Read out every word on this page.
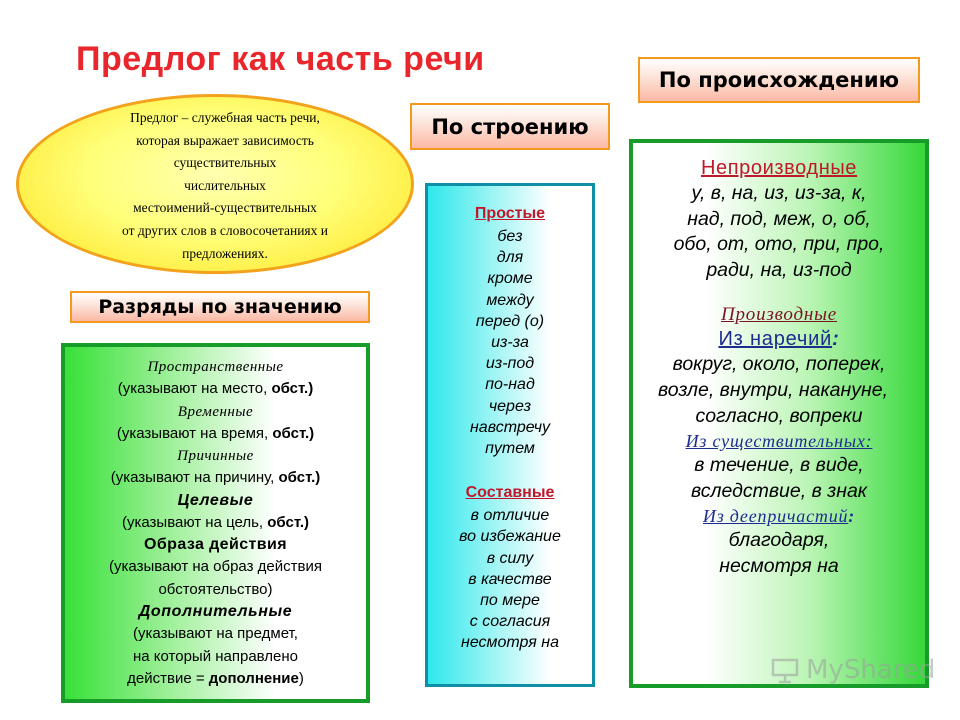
Предлог как часть речи
Предлог – служебная часть речи,
которая выражает зависимость
существительных
числительных
местоимений-существительных
от других слов в словосочетаниях и
предложениях.
По происхождению
По строению
Разряды по значению
Пространственные
(указывают на место, обст.)
Временные
(указывают на время, обст.)
Причинные
(указывают на причину, обст.)
Целевые
(указывают на цель, обст.)
Образа действия
(указывают на образ действия
обстоятельство)
Дополнительные
(указывают на предмет,
на который направлено
действие = дополнение)
Простые
без
для
кроме
между
перед (о)
из-за
из-под
по-над
через
навстречу
путем
Составные
в отличие
во избежание
в силу
в качестве
по мере
с согласия
несмотря на
Непроизводные
у, в, на, из, из-за, к,
над, под, меж, о, об,
обо, от, ото, при, про,
ради, на, из-под
Производные
Из наречий:
вокруг, около, поперек,
возле, внутри, накануне,
согласно, вопреки
Из существительных:
в течение, в виде,
вследствие, в знак
Из деепричастий:
благодаря,
несмотря на
MyShared
